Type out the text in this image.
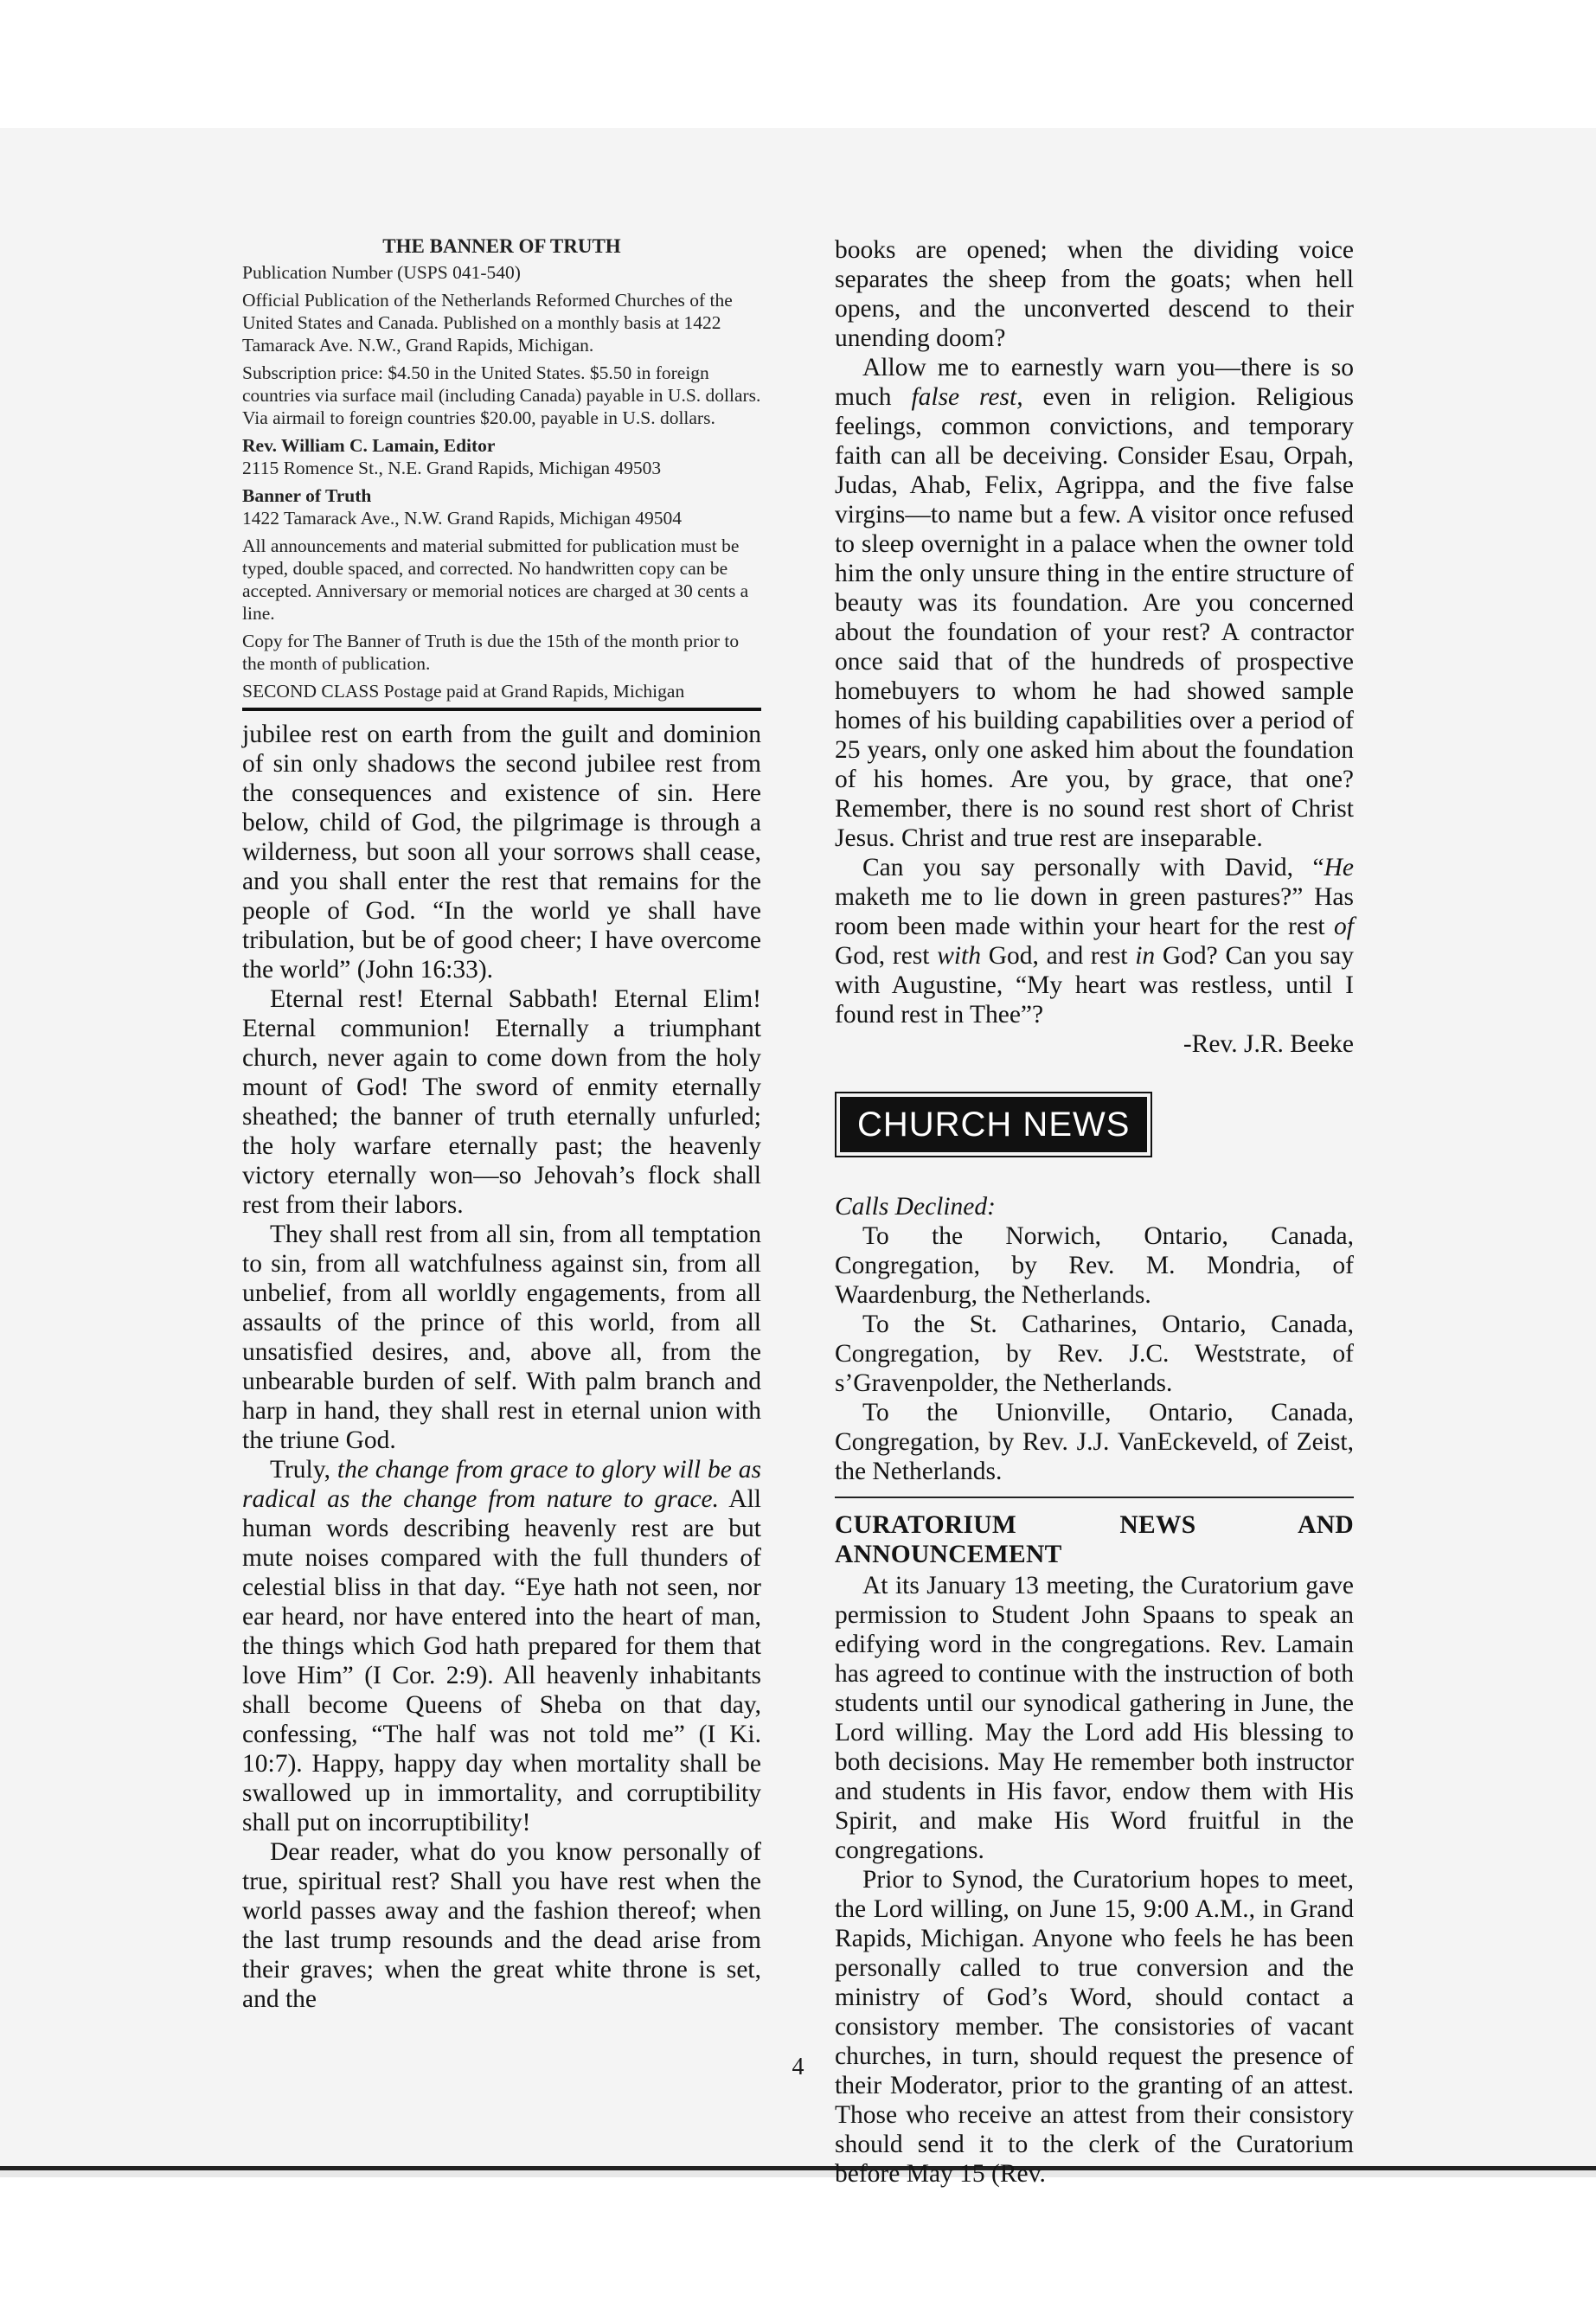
THE BANNER OF TRUTH

Publication Number (USPS 041-540)

Official Publication of the Netherlands Reformed Churches of the United States and Canada. Published on a monthly basis at 1422 Tamarack Ave. N.W., Grand Rapids, Michigan.

Subscription price: $4.50 in the United States. $5.50 in foreign countries via surface mail (including Canada) payable in U.S. dollars. Via airmail to foreign countries $20.00, payable in U.S. dollars.

Rev. William C. Lamain, Editor

2115 Romence St., N.E. Grand Rapids, Michigan 49503

Banner of Truth

1422 Tamarack Ave., N.W. Grand Rapids, Michigan 49504

All announcements and material submitted for publication must be typed, double spaced, and corrected. No handwritten copy can be accepted. Anniversary or memorial notices are charged at 30 cents a line.

Copy for The Banner of Truth is due the 15th of the month prior to the month of publication.

SECOND CLASS Postage paid at Grand Rapids, Michigan

jubilee rest on earth from the guilt and dominion of sin only shadows the second jubilee rest from the consequences and existence of sin. Here below, child of God, the pilgrimage is through a wilderness, but soon all your sorrows shall cease, and you shall enter the rest that remains for the people of God. “In the world ye shall have tribulation, but be of good cheer; I have overcome the world” (John 16:33).

Eternal rest! Eternal Sabbath! Eternal Elim! Eternal communion! Eternally a triumphant church, never again to come down from the holy mount of God! The sword of enmity eternally sheathed; the banner of truth eternally unfurled; the holy warfare eternally past; the heavenly victory eternally won—so Jehovah’s flock shall rest from their labors.

They shall rest from all sin, from all temptation to sin, from all watchfulness against sin, from all unbelief, from all worldly engagements, from all assaults of the prince of this world, from all unsatisfied desires, and, above all, from the unbearable burden of self. With palm branch and harp in hand, they shall rest in eternal union with the triune God.

Truly, the change from grace to glory will be as radical as the change from nature to grace. All human words describing heavenly rest are but mute noises compared with the full thunders of celestial bliss in that day. “Eye hath not seen, nor ear heard, nor have entered into the heart of man, the things which God hath prepared for them that love Him” (I Cor. 2:9). All heavenly inhabitants shall become Queens of Sheba on that day, confessing, “The half was not told me” (I Ki. 10:7). Happy, happy day when mortality shall be swallowed up in immortality, and corruptibility shall put on incorruptibility!

Dear reader, what do you know personally of true, spiritual rest? Shall you have rest when the world passes away and the fashion thereof; when the last trump resounds and the dead arise from their graves; when the great white throne is set, and the

books are opened; when the dividing voice separates the sheep from the goats; when hell opens, and the unconverted descend to their unending doom?

Allow me to earnestly warn you—there is so much false rest, even in religion. Religious feelings, common convictions, and temporary faith can all be deceiving. Consider Esau, Orpah, Judas, Ahab, Felix, Agrippa, and the five false virgins—to name but a few. A visitor once refused to sleep overnight in a palace when the owner told him the only unsure thing in the entire structure of beauty was its foundation. Are you concerned about the foundation of your rest? A contractor once said that of the hundreds of prospective homebuyers to whom he had showed sample homes of his building capabilities over a period of 25 years, only one asked him about the foundation of his homes. Are you, by grace, that one? Remember, there is no sound rest short of Christ Jesus. Christ and true rest are inseparable.

Can you say personally with David, “He maketh me to lie down in green pastures?” Has room been made within your heart for the rest of God, rest with God, and rest in God? Can you say with Augustine, “My heart was restless, until I found rest in Thee”?

-Rev. J.R. Beeke
CHURCH NEWS
Calls Declined:

To the Norwich, Ontario, Canada, Congregation, by Rev. M. Mondria, of Waardenburg, the Netherlands.

To the St. Catharines, Ontario, Canada, Congregation, by Rev. J.C. Weststrate, of s’Gravenpolder, the Netherlands.

To the Unionville, Ontario, Canada, Congregation, by Rev. J.J. VanEckeveld, of Zeist, the Netherlands.

CURATORIUM NEWS AND ANNOUNCEMENT

At its January 13 meeting, the Curatorium gave permission to Student John Spaans to speak an edifying word in the congregations. Rev. Lamain has agreed to continue with the instruction of both students until our synodical gathering in June, the Lord willing. May the Lord add His blessing to both decisions. May He remember both instructor and students in His favor, endow them with His Spirit, and make His Word fruitful in the congregations.

Prior to Synod, the Curatorium hopes to meet, the Lord willing, on June 15, 9:00 A.M., in Grand Rapids, Michigan. Anyone who feels he has been personally called to true conversion and the ministry of God’s Word, should contact a consistory member. The consistories of vacant churches, in turn, should request the presence of their Moderator, prior to the granting of an attest. Those who receive an attest from their consistory should send it to the clerk of the Curatorium before May 15 (Rev.

4
